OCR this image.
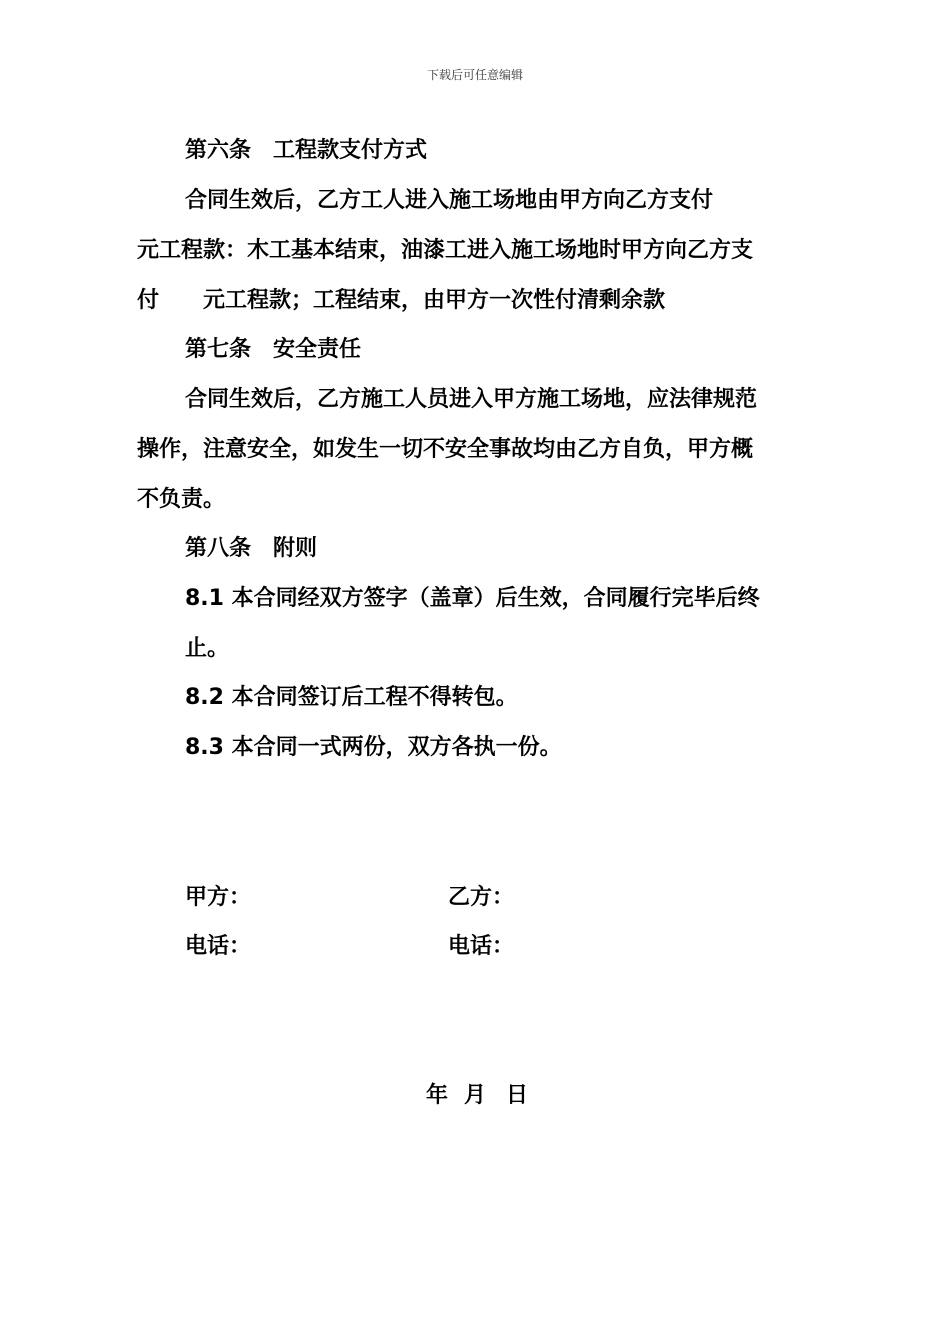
下载后可任意编辑
第六条 工程款支付方式
合同生效后，乙方工人进入施工场地由甲方向乙方支付
元工程款：木工基本结束，油漆工进入施工场地时甲方向乙方支
付 元工程款；工程结束，由甲方一次性付清剩余款
第七条 安全责任
合同生效后，乙方施工人员进入甲方施工场地，应法律规范
操作，注意安全，如发生一切不安全事故均由乙方自负，甲方概
不负责。
第八条 附则
8.1 本合同经双方签字（盖章）后生效，合同履行完毕后终
止。
8.2 本合同签订后工程不得转包。
8.3 本合同一式两份，双方各执一份。
甲方：	乙方：
电话：	电话：
年 月 日
